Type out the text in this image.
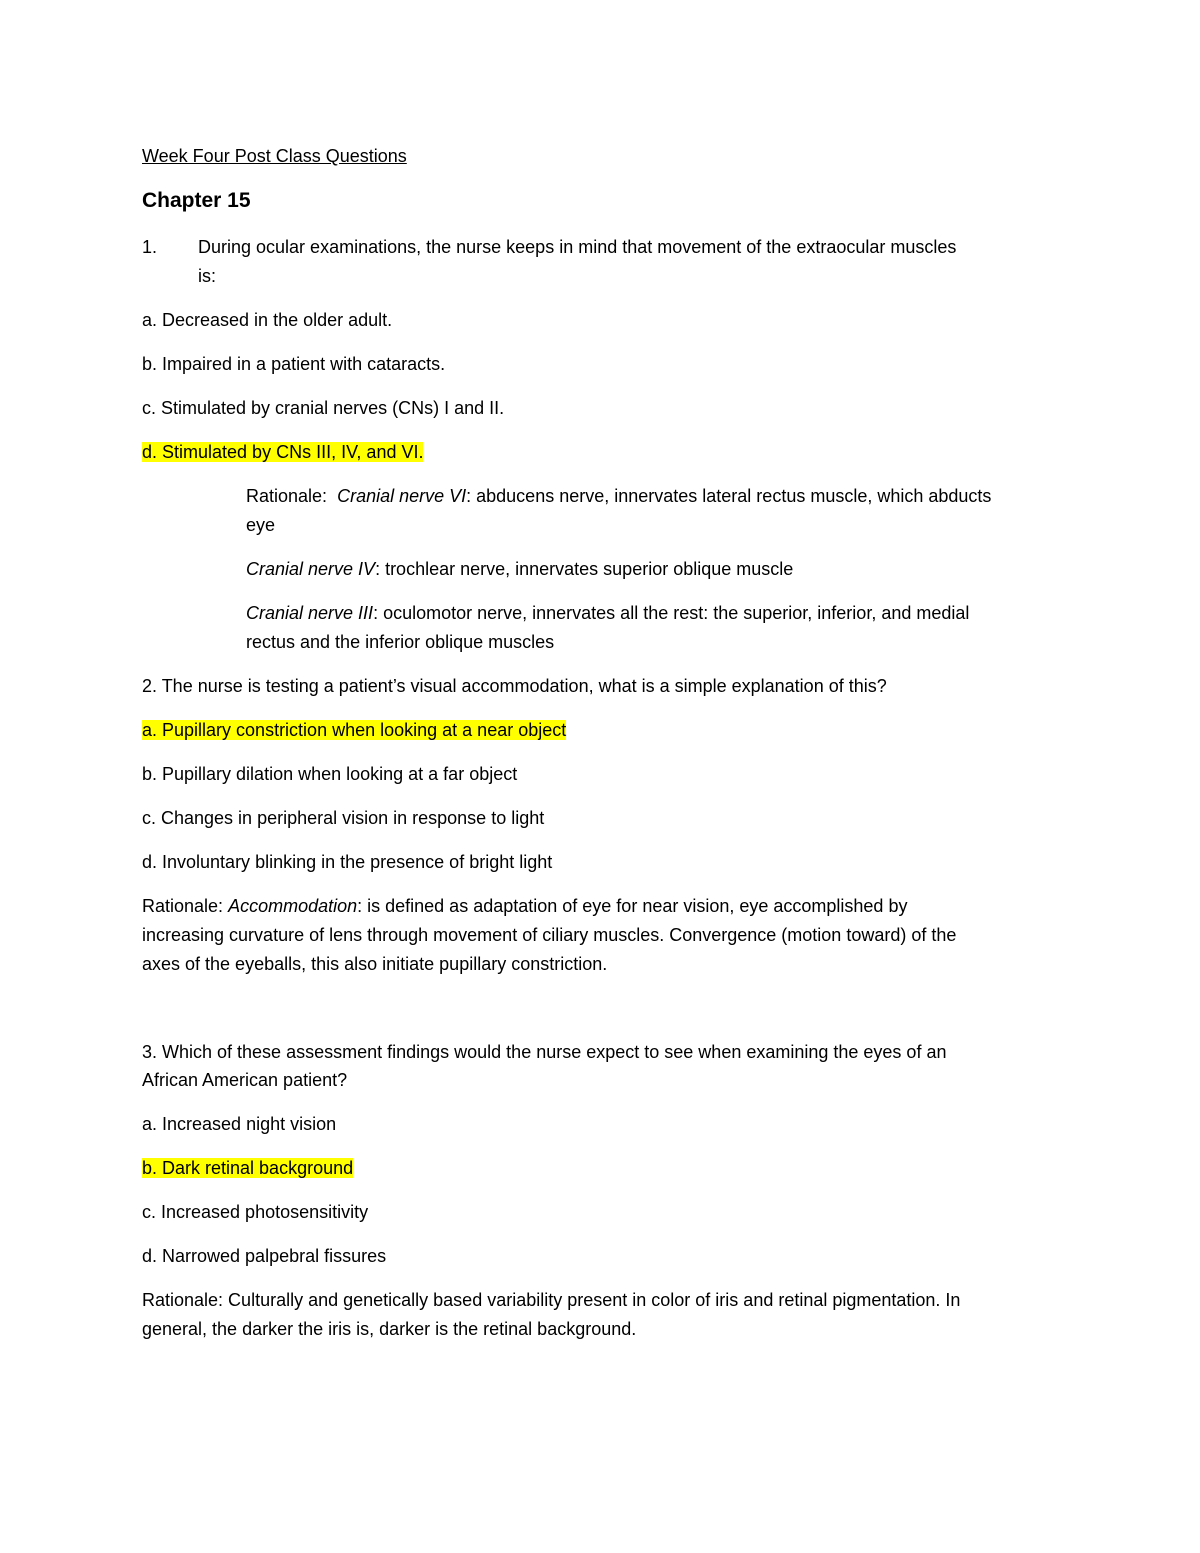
Week Four Post Class Questions
Chapter 15
1. During ocular examinations, the nurse keeps in mind that movement of the extraocular muscles
is:
a. Decreased in the older adult.
b. Impaired in a patient with cataracts.
c. Stimulated by cranial nerves (CNs) I and II.
d. Stimulated by CNs III, IV, and VI.
Rationale: Cranial nerve VI: abducens nerve, innervates lateral rectus muscle, which abducts
eye
Cranial nerve IV: trochlear nerve, innervates superior oblique muscle
Cranial nerve III: oculomotor nerve, innervates all the rest: the superior, inferior, and medial
rectus and the inferior oblique muscles
2. The nurse is testing a patient’s visual accommodation, what is a simple explanation of this?
a. Pupillary constriction when looking at a near object
b. Pupillary dilation when looking at a far object
c. Changes in peripheral vision in response to light
d. Involuntary blinking in the presence of bright light
Rationale: Accommodation: is defined as adaptation of eye for near vision, eye accomplished by
increasing curvature of lens through movement of ciliary muscles. Convergence (motion toward) of the
axes of the eyeballs, this also initiate pupillary constriction.
3. Which of these assessment findings would the nurse expect to see when examining the eyes of an
African American patient?
a. Increased night vision
b. Dark retinal background
c. Increased photosensitivity
d. Narrowed palpebral fissures
Rationale: Culturally and genetically based variability present in color of iris and retinal pigmentation. In
general, the darker the iris is, darker is the retinal background.
